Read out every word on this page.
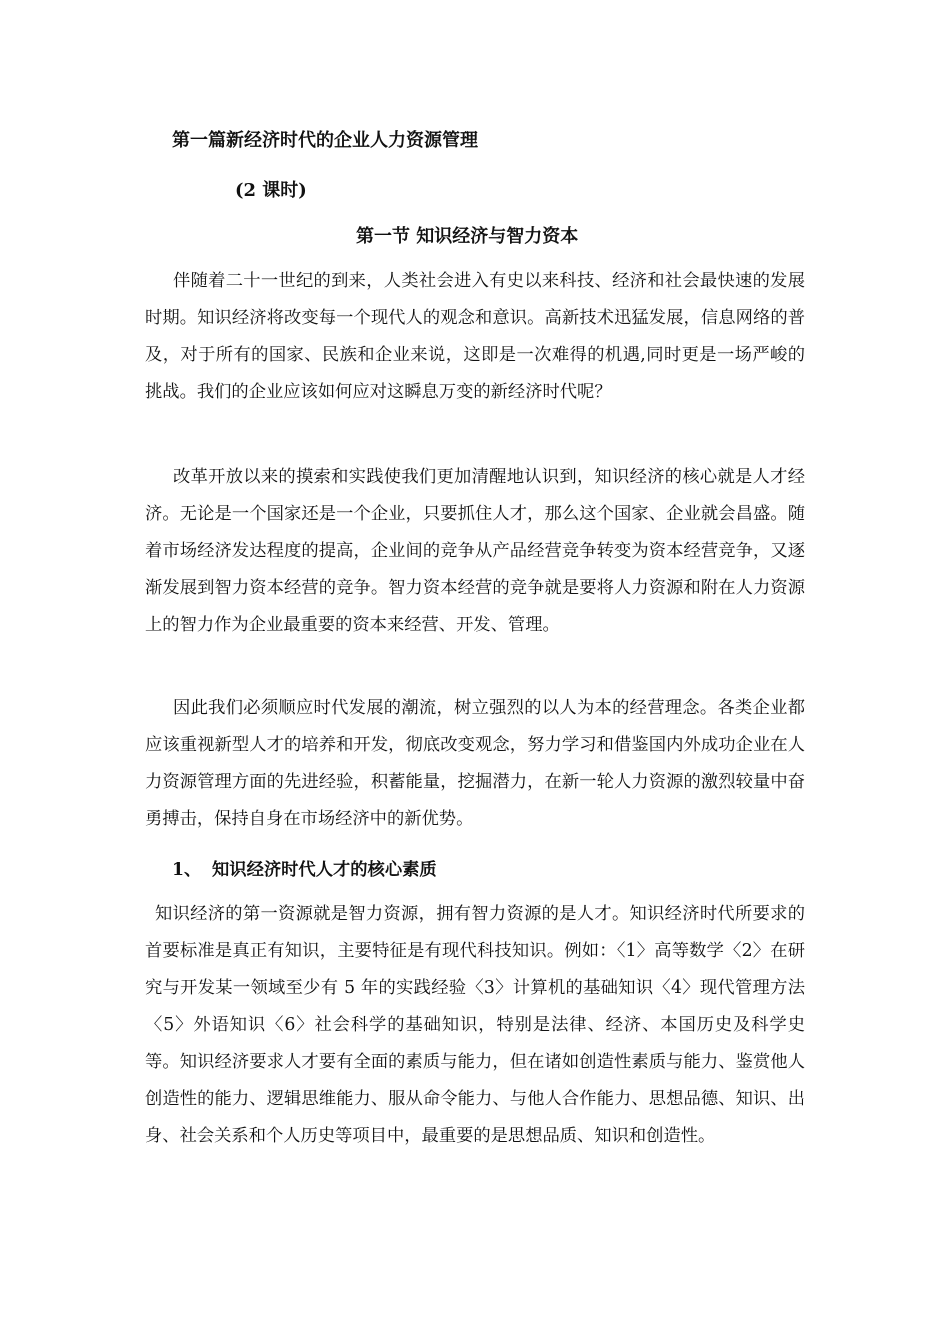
第一篇新经济时代的企业人力资源管理
(2 课时)
第一节 知识经济与智力资本

伴随着二十一世纪的到来，人类社会进入有史以来科技、经济和社会最快速的发展时期。知识经济将改变每一个现代人的观念和意识。高新技术迅猛发展，信息网络的普及，对于所有的国家、民族和企业来说，这即是一次难得的机遇,同时更是一场严峻的挑战。我们的企业应该如何应对这瞬息万变的新经济时代呢？

改革开放以来的摸索和实践使我们更加清醒地认识到，知识经济的核心就是人才经济。无论是一个国家还是一个企业，只要抓住人才，那么这个国家、企业就会昌盛。随着市场经济发达程度的提高，企业间的竞争从产品经营竞争转变为资本经营竞争，又逐渐发展到智力资本经营的竞争。智力资本经营的竞争就是要将人力资源和附在人力资源上的智力作为企业最重要的资本来经营、开发、管理。

因此我们必须顺应时代发展的潮流，树立强烈的以人为本的经营理念。各类企业都应该重视新型人才的培养和开发，彻底改变观念，努力学习和借鉴国内外成功企业在人力资源管理方面的先进经验，积蓄能量，挖掘潜力，在新一轮人力资源的激烈较量中奋勇搏击，保持自身在市场经济中的新优势。

1、 知识经济时代人才的核心素质

知识经济的第一资源就是智力资源，拥有智力资源的是人才。知识经济时代所要求的首要标准是真正有知识，主要特征是有现代科技知识。例如：〈1〉高等数学〈2〉在研究与开发某一领域至少有 5 年的实践经验〈3〉计算机的基础知识〈4〉现代管理方法〈5〉外语知识〈6〉社会科学的基础知识，特别是法律、经济、本国历史及科学史等。知识经济要求人才要有全面的素质与能力，但在诸如创造性素质与能力、鉴赏他人创造性的能力、逻辑思维能力、服从命令能力、与他人合作能力、思想品德、知识、出身、社会关系和个人历史等项目中，最重要的是思想品质、知识和创造性。
